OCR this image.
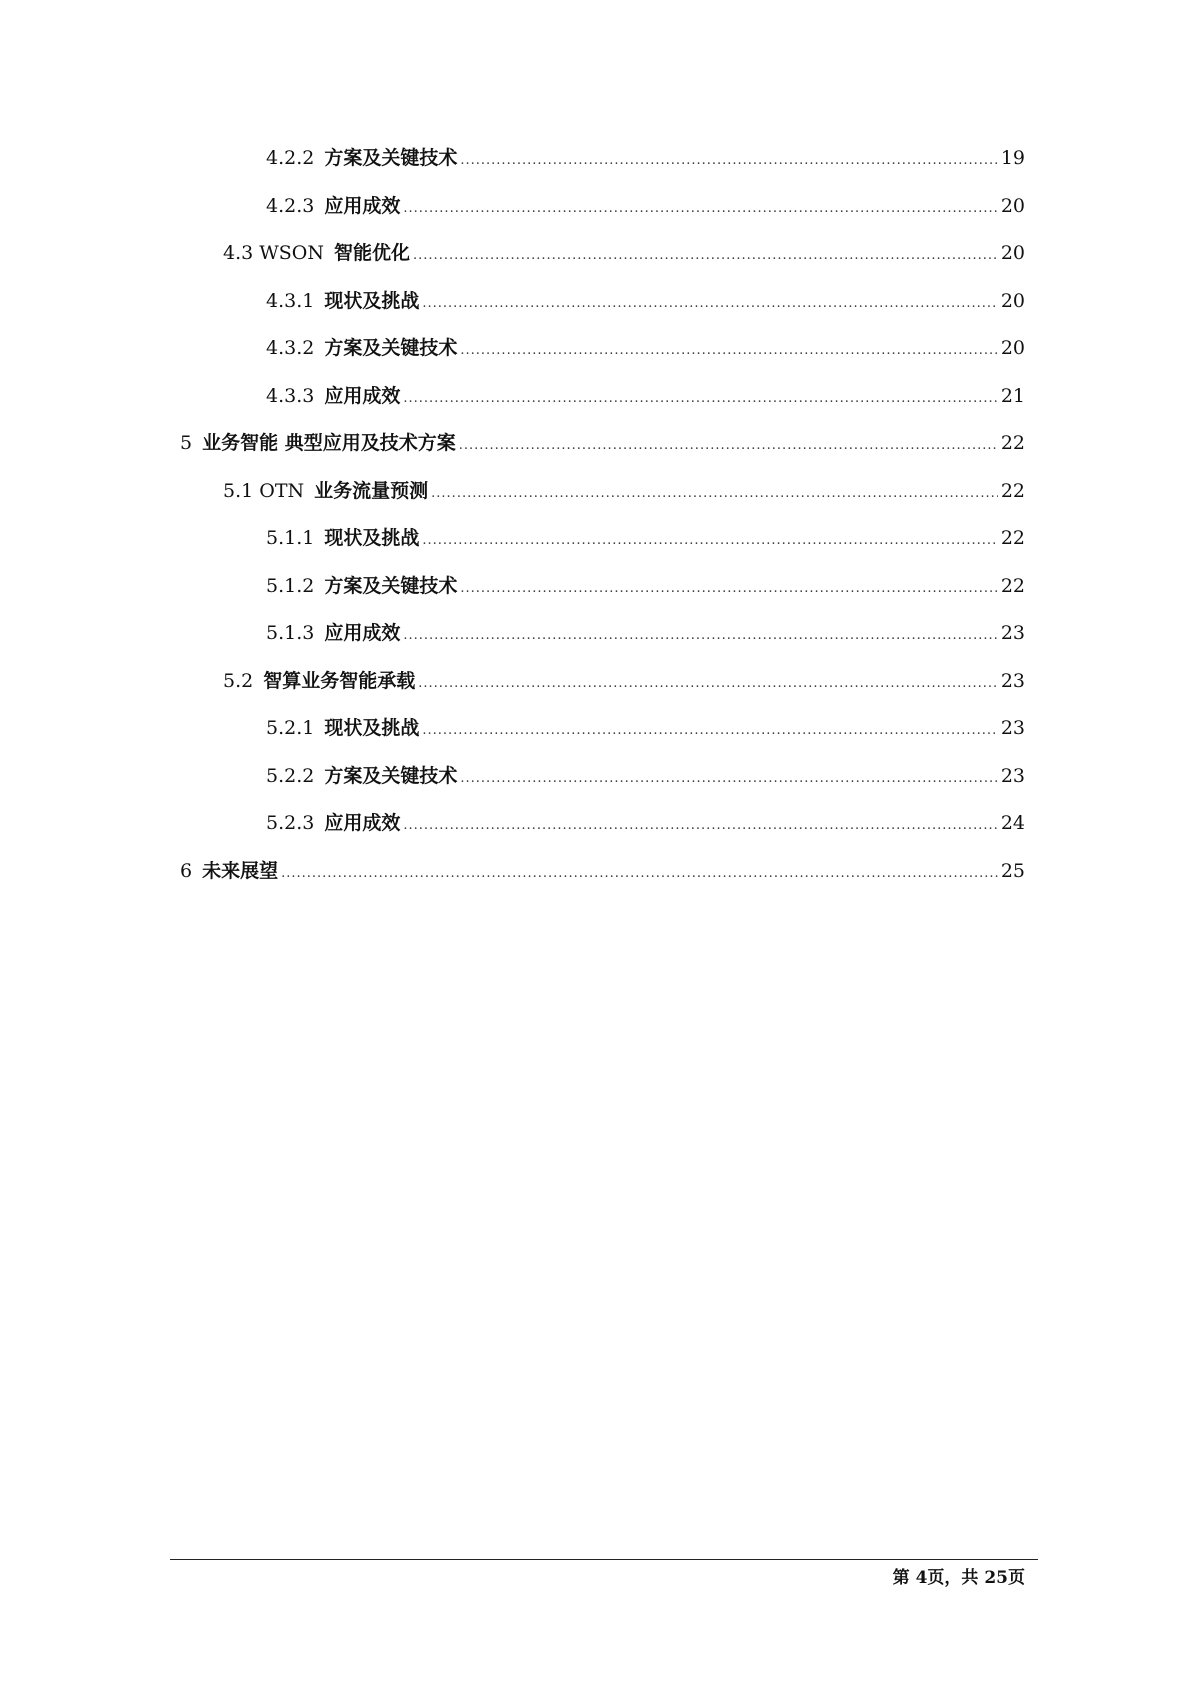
4.2.2 方案及关键技术 .....	19
4.2.3 应用成效 .....	20
4.3 WSON 智能优化 .....	20
4.3.1 现状及挑战 .....	20
4.3.2 方案及关键技术 .....	20
4.3.3 应用成效 .....	21
5 业务智能 典型应用及技术方案 .....	22
5.1 OTN 业务流量预测 .....	22
5.1.1 现状及挑战 .....	22
5.1.2 方案及关键技术 .....	22
5.1.3 应用成效 .....	23
5.2 智算业务智能承载 .....	23
5.2.1 现状及挑战 .....	23
5.2.2 方案及关键技术 .....	23
5.2.3 应用成效 .....	24
6 未来展望 .....	25
第 4页，共 25页
